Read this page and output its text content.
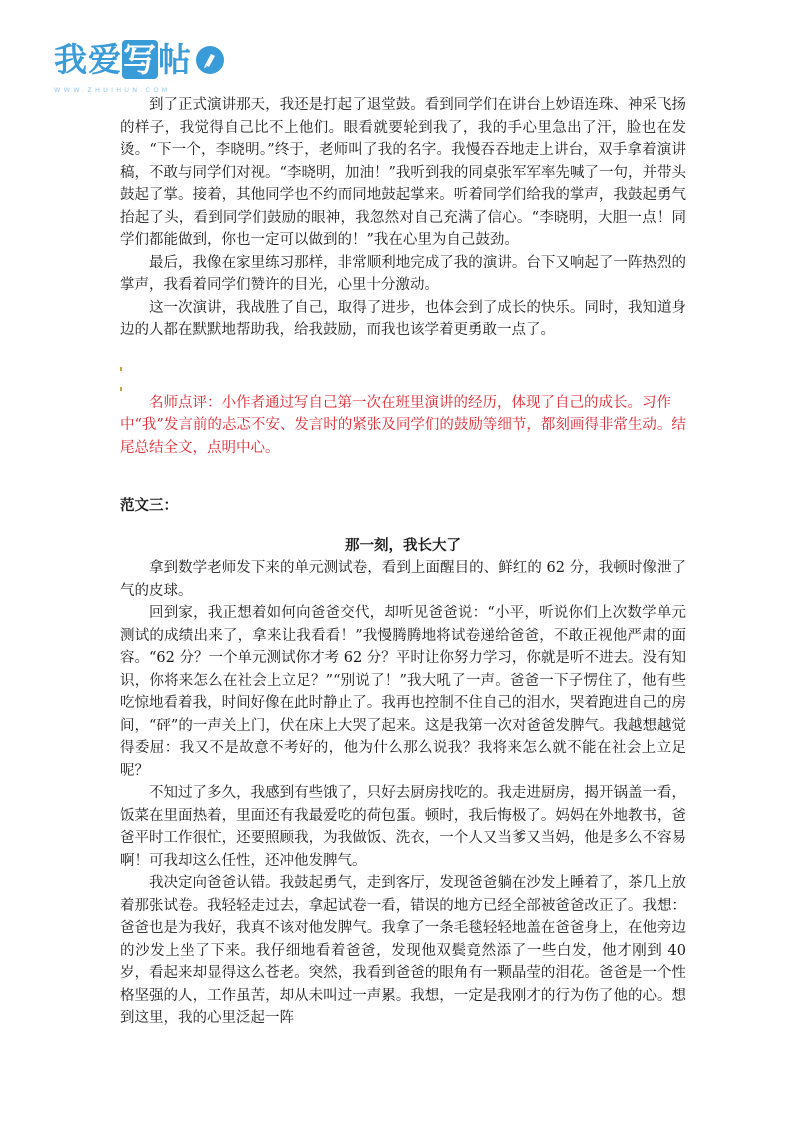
我爱写帖
WWW.ZHUIHUN.COM

到了正式演讲那天，我还是打起了退堂鼓。看到同学们在讲台上妙语连珠、神采飞扬的样子，我觉得自己比不上他们。眼看就要轮到我了，我的手心里急出了汗，脸也在发烫。“下一个，李晓明。”终于，老师叫了我的名字。我慢吞吞地走上讲台，双手拿着演讲稿，不敢与同学们对视。“李晓明，加油！”我听到我的同桌张军军率先喊了一句，并带头鼓起了掌。接着，其他同学也不约而同地鼓起掌来。听着同学们给我的掌声，我鼓起勇气抬起了头，看到同学们鼓励的眼神，我忽然对自己充满了信心。“李晓明，大胆一点！同学们都能做到，你也一定可以做到的！”我在心里为自己鼓劲。

最后，我像在家里练习那样，非常顺利地完成了我的演讲。台下又响起了一阵热烈的掌声，我看着同学们赞许的目光，心里十分激动。

这一次演讲，我战胜了自己，取得了进步，也体会到了成长的快乐。同时，我知道身边的人都在默默地帮助我，给我鼓励，而我也该学着更勇敢一点了。

名师点评：小作者通过写自己第一次在班里演讲的经历，体现了自己的成长。习作中“我”发言前的忐忑不安、发言时的紧张及同学们的鼓励等细节，都刻画得非常生动。结尾总结全文，点明中心。

范文三：

那一刻，我长大了

拿到数学老师发下来的单元测试卷，看到上面醒目的、鲜红的 62 分，我顿时像泄了气的皮球。

回到家，我正想着如何向爸爸交代，却听见爸爸说：“小平，听说你们上次数学单元测试的成绩出来了，拿来让我看看！”我慢腾腾地将试卷递给爸爸，不敢正视他严肃的面容。“62 分？一个单元测试你才考 62 分？平时让你努力学习，你就是听不进去。没有知识，你将来怎么在社会上立足？”“别说了！”我大吼了一声。爸爸一下子愣住了，他有些吃惊地看着我，时间好像在此时静止了。我再也控制不住自己的泪水，哭着跑进自己的房间，“砰”的一声关上门，伏在床上大哭了起来。这是我第一次对爸爸发脾气。我越想越觉得委屈：我又不是故意不考好的，他为什么那么说我？我将来怎么就不能在社会上立足呢？

不知过了多久，我感到有些饿了，只好去厨房找吃的。我走进厨房，揭开锅盖一看，饭菜在里面热着，里面还有我最爱吃的荷包蛋。顿时，我后悔极了。妈妈在外地教书，爸爸平时工作很忙，还要照顾我，为我做饭、洗衣，一个人又当爹又当妈，他是多么不容易啊！可我却这么任性，还冲他发脾气。

我决定向爸爸认错。我鼓起勇气，走到客厅，发现爸爸躺在沙发上睡着了，茶几上放着那张试卷。我轻轻走过去，拿起试卷一看，错误的地方已经全部被爸爸改正了。我想：爸爸也是为我好，我真不该对他发脾气。我拿了一条毛毯轻轻地盖在爸爸身上，在他旁边的沙发上坐了下来。我仔细地看着爸爸，发现他双鬓竟然添了一些白发，他才刚到 40 岁，看起来却显得这么苍老。突然，我看到爸爸的眼角有一颗晶莹的泪花。爸爸是一个性格坚强的人，工作虽苦，却从未叫过一声累。我想，一定是我刚才的行为伤了他的心。想到这里，我的心里泛起一阵
